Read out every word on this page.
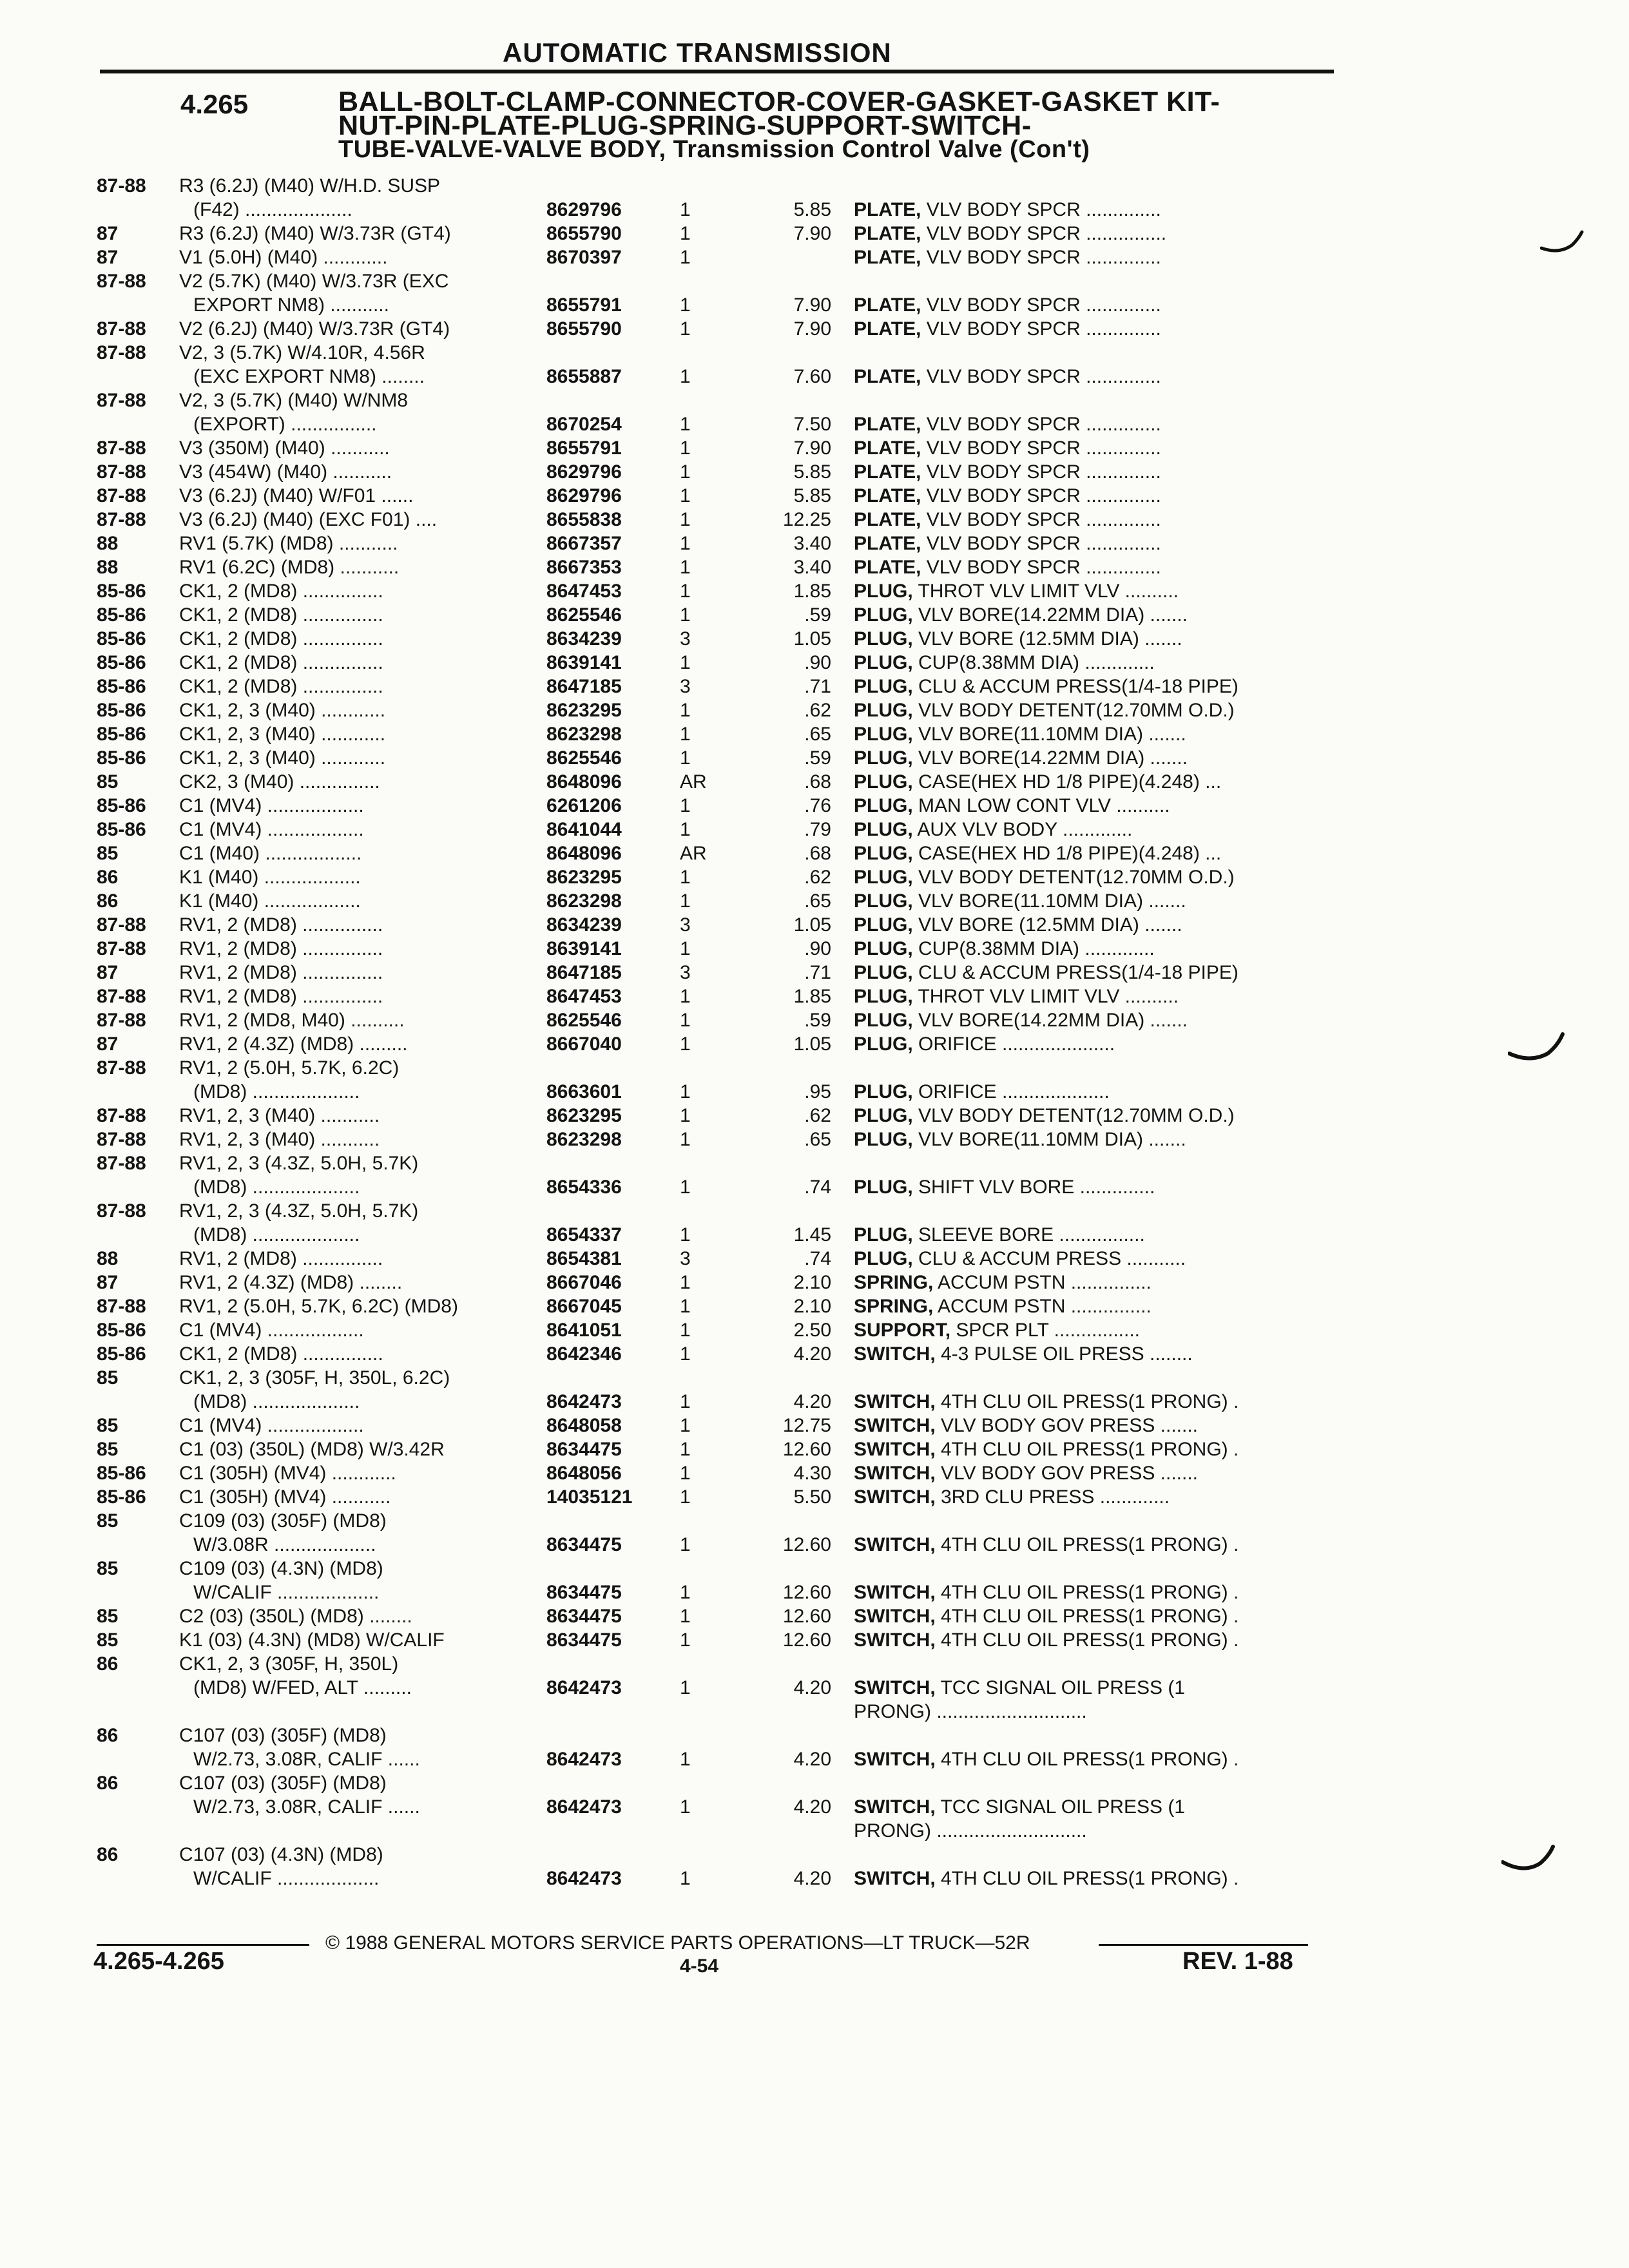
AUTOMATIC TRANSMISSION
4.265	BALL-BOLT-CLAMP-CONNECTOR-COVER-GASKET-GASKET KIT-
NUT-PIN-PLATE-PLUG-SPRING-SUPPORT-SWITCH-
TUBE-VALVE-VALVE BODY, Transmission Control Valve (Con't)
87-88 R3 (6.2J) (M40) W/H.D. SUSP
(F42) ....................	8629796	1	5.85 PLATE, VLV BODY SPCR ..............
87	R3 (6.2J) (M40) W/3.73R (GT4)	8655790	1	7.90 PLATE, VLV BODY SPCR ...............
87	V1 (5.0H) (M40) ............	8670397	1	PLATE, VLV BODY SPCR ..............
87-88 V2 (5.7K) (M40) W/3.73R (EXC
EXPORT NM8) ...........	8655791	1	7.90 PLATE, VLV BODY SPCR ..............
87-88 V2 (6.2J) (M40) W/3.73R (GT4)	8655790	1	7.90 PLATE, VLV BODY SPCR ..............
87-88 V2, 3 (5.7K) W/4.10R, 4.56R
(EXC EXPORT NM8) ........	8655887	1	7.60 PLATE, VLV BODY SPCR ..............
87-88 V2, 3 (5.7K) (M40) W/NM8
(EXPORT) ................	8670254	1	7.50 PLATE, VLV BODY SPCR ..............
87-88 V3 (350M) (M40) ...........	8655791	1	7.90 PLATE, VLV BODY SPCR ..............
87-88 V3 (454W) (M40) ...........	8629796	1	5.85 PLATE, VLV BODY SPCR ..............
87-88 V3 (6.2J) (M40) W/F01 ......	8629796	1	5.85 PLATE, VLV BODY SPCR ..............
87-88 V3 (6.2J) (M40) (EXC F01) ....	8655838	1	12.25 PLATE, VLV BODY SPCR ..............
88	RV1 (5.7K) (MD8) ...........	8667357	1	3.40 PLATE, VLV BODY SPCR ..............
88	RV1 (6.2C) (MD8) ...........	8667353	1	3.40 PLATE, VLV BODY SPCR ..............
85-86 CK1, 2 (MD8) ...............	8647453	1	1.85 PLUG, THROT VLV LIMIT VLV ..........
85-86 CK1, 2 (MD8) ...............	8625546	1	.59 PLUG, VLV BORE(14.22MM DIA) .......
85-86 CK1, 2 (MD8) ...............	8634239	3	1.05 PLUG, VLV BORE (12.5MM DIA) .......
85-86 CK1, 2 (MD8) ...............	8639141	1	.90 PLUG, CUP(8.38MM DIA) .............
85-86 CK1, 2 (MD8) ...............	8647185	3	.71 PLUG, CLU & ACCUM PRESS(1/4-18 PIPE)
85-86 CK1, 2, 3 (M40) ............	8623295	1	.62 PLUG, VLV BODY DETENT(12.70MM O.D.)
85-86 CK1, 2, 3 (M40) ............	8623298	1	.65 PLUG, VLV BORE(11.10MM DIA) .......
85-86 CK1, 2, 3 (M40) ............	8625546	1	.59 PLUG, VLV BORE(14.22MM DIA) .......
85	CK2, 3 (M40) ...............	8648096	AR	.68 PLUG, CASE(HEX HD 1/8 PIPE)(4.248) ...
85-86 C1 (MV4) ..................	6261206	1	.76 PLUG, MAN LOW CONT VLV ..........
85-86 C1 (MV4) ..................	8641044	1	.79 PLUG, AUX VLV BODY .............
85	C1 (M40) ..................	8648096	AR	.68 PLUG, CASE(HEX HD 1/8 PIPE)(4.248) ...
86	K1 (M40) ..................	8623295	1	.62 PLUG, VLV BODY DETENT(12.70MM O.D.)
86	K1 (M40) ..................	8623298	1	.65 PLUG, VLV BORE(11.10MM DIA) .......
87-88 RV1, 2 (MD8) ...............	8634239	3	1.05 PLUG, VLV BORE (12.5MM DIA) .......
87-88 RV1, 2 (MD8) ...............	8639141	1	.90 PLUG, CUP(8.38MM DIA) .............
87	RV1, 2 (MD8) ...............	8647185	3	.71 PLUG, CLU & ACCUM PRESS(1/4-18 PIPE)
87-88 RV1, 2 (MD8) ...............	8647453	1	1.85 PLUG, THROT VLV LIMIT VLV ..........
87-88 RV1, 2 (MD8, M40) ..........	8625546	1	.59 PLUG, VLV BORE(14.22MM DIA) .......
87	RV1, 2 (4.3Z) (MD8) .........	8667040	1	1.05 PLUG, ORIFICE .....................
87-88 RV1, 2 (5.0H, 5.7K, 6.2C)
(MD8) ....................	8663601	1	.95 PLUG, ORIFICE ....................
87-88 RV1, 2, 3 (M40) ...........	8623295	1	.62 PLUG, VLV BODY DETENT(12.70MM O.D.)
87-88 RV1, 2, 3 (M40) ...........	8623298	1	.65 PLUG, VLV BORE(11.10MM DIA) .......
87-88 RV1, 2, 3 (4.3Z, 5.0H, 5.7K)
(MD8) ....................	8654336	1	.74 PLUG, SHIFT VLV BORE ..............
87-88 RV1, 2, 3 (4.3Z, 5.0H, 5.7K)
(MD8) ....................	8654337	1	1.45 PLUG, SLEEVE BORE ................
88	RV1, 2 (MD8) ...............	8654381	3	.74 PLUG, CLU & ACCUM PRESS ...........
87	RV1, 2 (4.3Z) (MD8) ........	8667046	1	2.10 SPRING, ACCUM PSTN ...............
87-88 RV1, 2 (5.0H, 5.7K, 6.2C) (MD8)	8667045	1	2.10 SPRING, ACCUM PSTN ...............
85-86 C1 (MV4) ..................	8641051	1	2.50 SUPPORT, SPCR PLT ................
85-86 CK1, 2 (MD8) ...............	8642346	1	4.20 SWITCH, 4-3 PULSE OIL PRESS ........
85	CK1, 2, 3 (305F, H, 350L, 6.2C)
(MD8) ....................	8642473	1	4.20 SWITCH, 4TH CLU OIL PRESS(1 PRONG) .
85	C1 (MV4) ..................	8648058	1	12.75 SWITCH, VLV BODY GOV PRESS .......
85	C1 (03) (350L) (MD8) W/3.42R	8634475	1	12.60 SWITCH, 4TH CLU OIL PRESS(1 PRONG) .
85-86 C1 (305H) (MV4) ............	8648056	1	4.30 SWITCH, VLV BODY GOV PRESS .......
85-86 C1 (305H) (MV4) ...........	14035121 1	5.50 SWITCH, 3RD CLU PRESS .............
85	C109 (03) (305F) (MD8)
W/3.08R ...................	8634475	1	12.60 SWITCH, 4TH CLU OIL PRESS(1 PRONG) .
85	C109 (03) (4.3N) (MD8)
W/CALIF ...................	8634475	1	12.60 SWITCH, 4TH CLU OIL PRESS(1 PRONG) .
85	C2 (03) (350L) (MD8) ........	8634475	1	12.60 SWITCH, 4TH CLU OIL PRESS(1 PRONG) .
85	K1 (03) (4.3N) (MD8) W/CALIF	8634475	1	12.60 SWITCH, 4TH CLU OIL PRESS(1 PRONG) .
86	CK1, 2, 3 (305F, H, 350L)
(MD8) W/FED, ALT .........	8642473	1	4.20 SWITCH, TCC SIGNAL OIL PRESS (1
PRONG) ............................
86	C107 (03) (305F) (MD8)
W/2.73, 3.08R, CALIF ......	8642473	1	4.20 SWITCH, 4TH CLU OIL PRESS(1 PRONG) .
86	C107 (03) (305F) (MD8)
W/2.73, 3.08R, CALIF ......	8642473	1	4.20 SWITCH, TCC SIGNAL OIL PRESS (1
PRONG) ............................
86	C107 (03) (4.3N) (MD8)
W/CALIF ...................	8642473	1	4.20 SWITCH, 4TH CLU OIL PRESS(1 PRONG) .
© 1988 GENERAL MOTORS SERVICE PARTS OPERATIONS—LT TRUCK—52R
4.265-4.265	4-54	REV. 1-88
